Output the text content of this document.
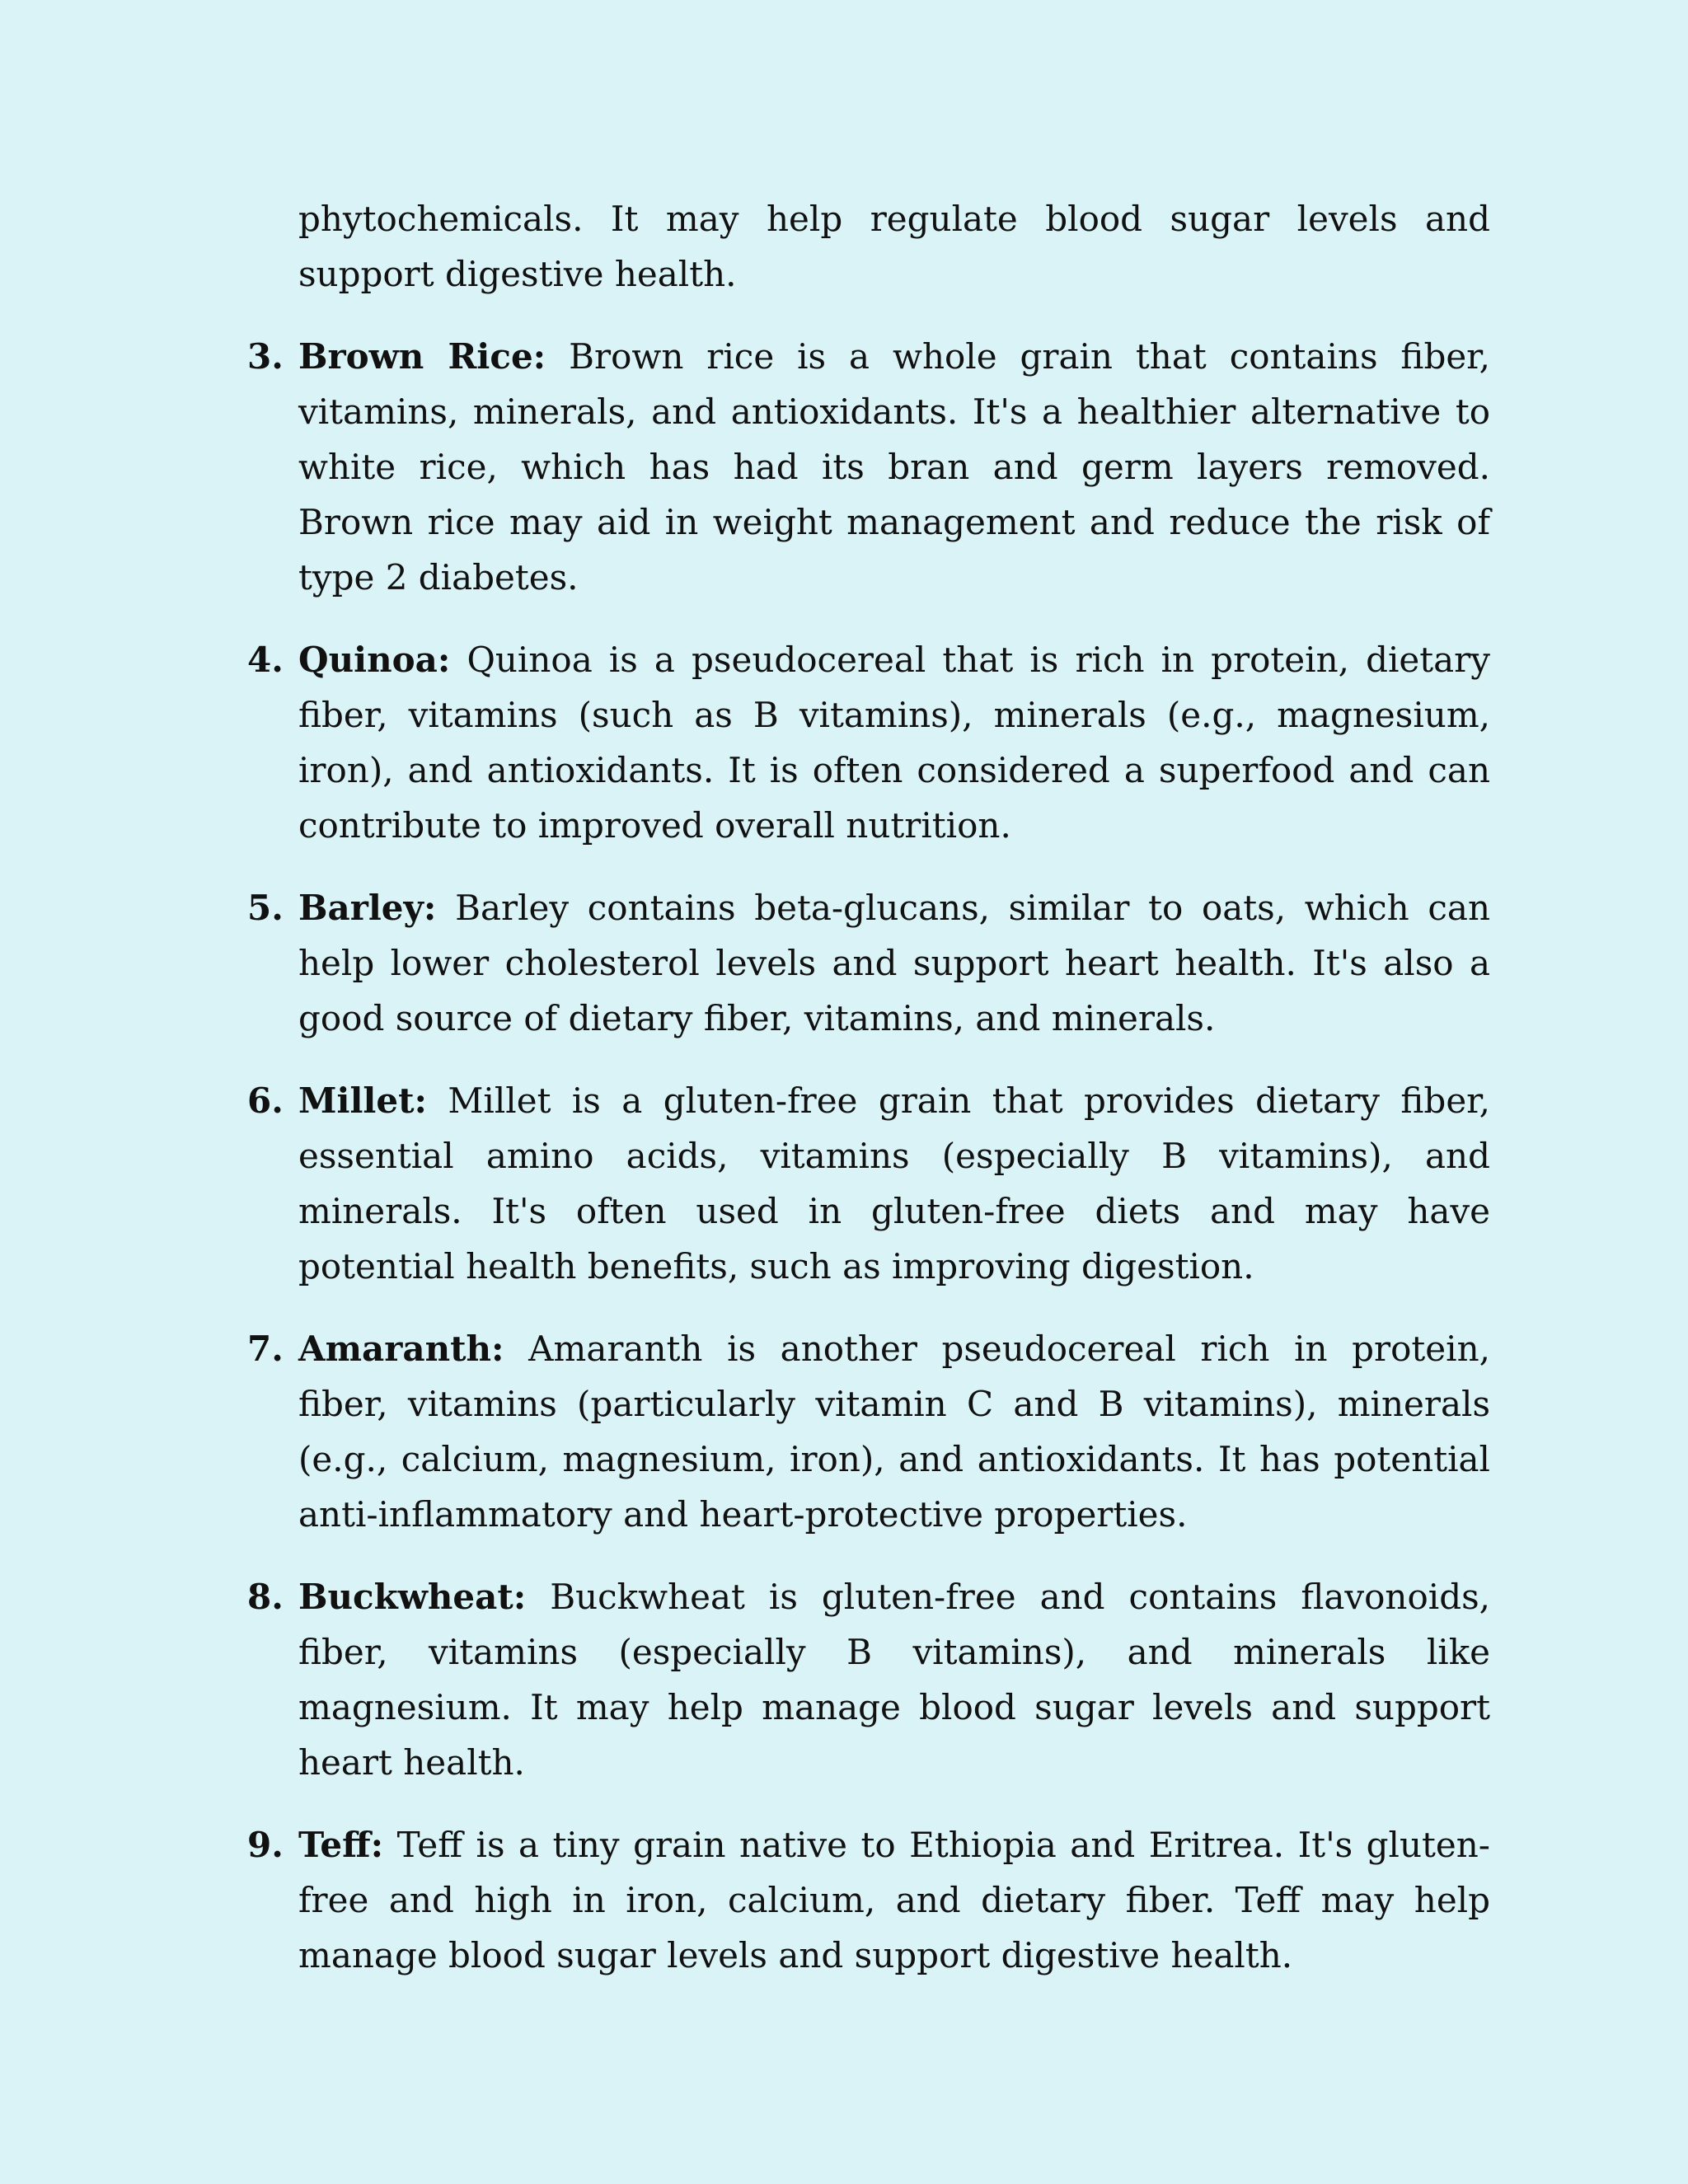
phytochemicals. It may help regulate blood sugar levels and support digestive health.
3. Brown Rice: Brown rice is a whole grain that contains fiber, vitamins, minerals, and antioxidants. It's a healthier alternative to white rice, which has had its bran and germ layers removed. Brown rice may aid in weight management and reduce the risk of type 2 diabetes.
4. Quinoa: Quinoa is a pseudocereal that is rich in protein, dietary fiber, vitamins (such as B vitamins), minerals (e.g., magnesium, iron), and antioxidants. It is often considered a superfood and can contribute to improved overall nutrition.
5. Barley: Barley contains beta-glucans, similar to oats, which can help lower cholesterol levels and support heart health. It's also a good source of dietary fiber, vitamins, and minerals.
6. Millet: Millet is a gluten-free grain that provides dietary fiber, essential amino acids, vitamins (especially B vitamins), and minerals. It's often used in gluten-free diets and may have potential health benefits, such as improving digestion.
7. Amaranth: Amaranth is another pseudocereal rich in protein, fiber, vitamins (particularly vitamin C and B vitamins), minerals (e.g., calcium, magnesium, iron), and antioxidants. It has potential anti-inflammatory and heart-protective properties.
8. Buckwheat: Buckwheat is gluten-free and contains flavonoids, fiber, vitamins (especially B vitamins), and minerals like magnesium. It may help manage blood sugar levels and support heart health.
9. Teff: Teff is a tiny grain native to Ethiopia and Eritrea. It's gluten-free and high in iron, calcium, and dietary fiber. Teff may help manage blood sugar levels and support digestive health.
